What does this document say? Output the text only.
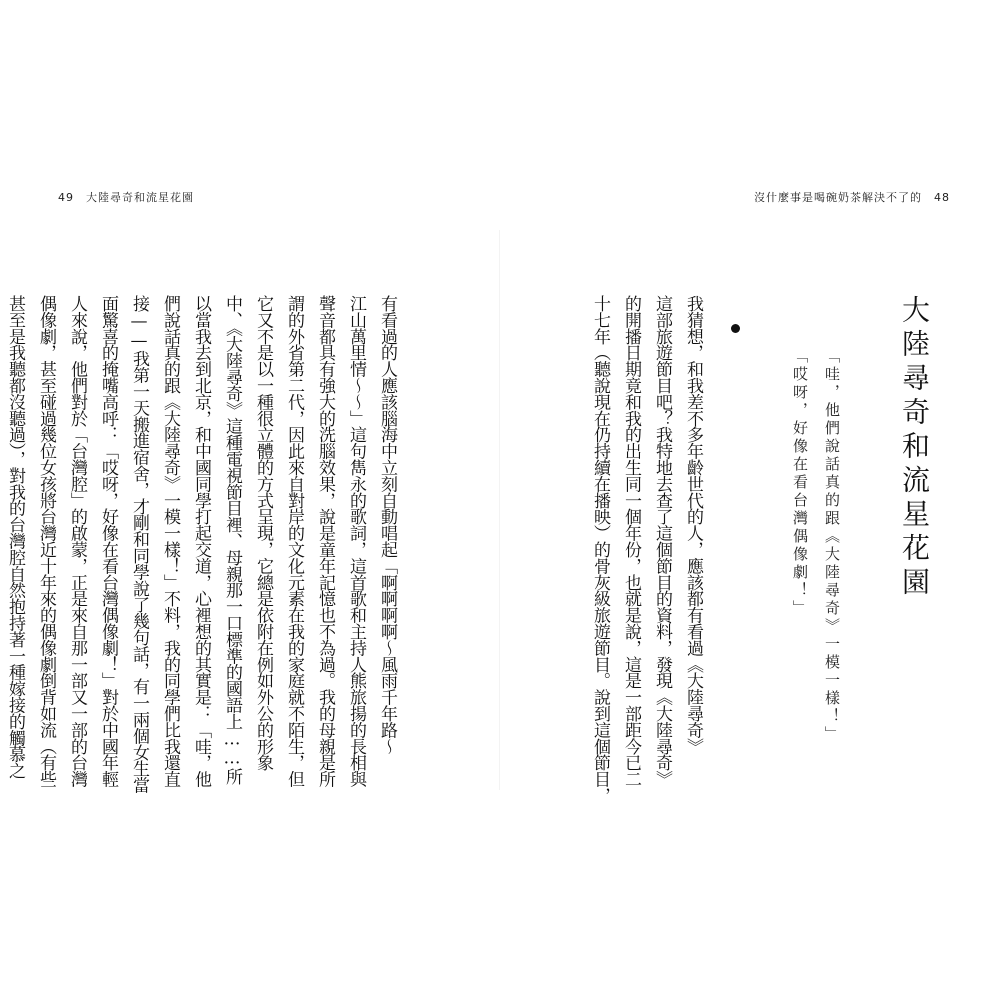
49　大陸尋奇和流星花園	沒什麼事是喝碗奶茶解決不了的　48
大陸尋奇和流星花園
「哇，他們說話真的跟《大陸尋奇》一模一樣！」
「哎呀，好像在看台灣偶像劇！」
我猜想，和我差不多年齡世代的人，應該都有看過《大陸尋奇》
這部旅遊節目吧？我特地去查了這個節目的資料，發現《大陸尋奇》
的開播日期竟和我的出生同一個年份，也就是說，這是一部距今已二
十七年（聽說現在仍持續在播映）的骨灰級旅遊節目。說到這個節目，
有看過的人應該腦海中立刻自動唱起「啊啊啊啊～風雨千年路～
江山萬里情～～」這句雋永的歌詞，這首歌和主持人熊旅揚的長相與
聲音都具有強大的洗腦效果，說是童年記憶也不為過。我的母親是所
謂的外省第二代，因此來自對岸的文化元素在我的家庭就不陌生，但
它又不是以一種很立體的方式呈現，它總是依附在例如外公的形象
中、《大陸尋奇》這種電視節目裡、母親那一口標準的國語上……所
以當我去到北京，和中國同學打起交道，心裡想的其實是：「哇，他
們說話真的跟《大陸尋奇》一模一樣！」不料，我的同學們比我還直
接——我第一天搬進宿舍，才剛和同學說了幾句話，有一兩個女生當
面驚喜的掩嘴高呼：「哎呀，好像在看台灣偶像劇！」對於中國年輕
人來說，他們對於「台灣腔」的啟蒙，正是來自那一部又一部的台灣
偶像劇，甚至碰過幾位女孩將台灣近十年來的偶像劇倒背如流（有些
甚至是我聽都沒聽過），對我的台灣腔自然抱持著一種嫁接的觸慕之
